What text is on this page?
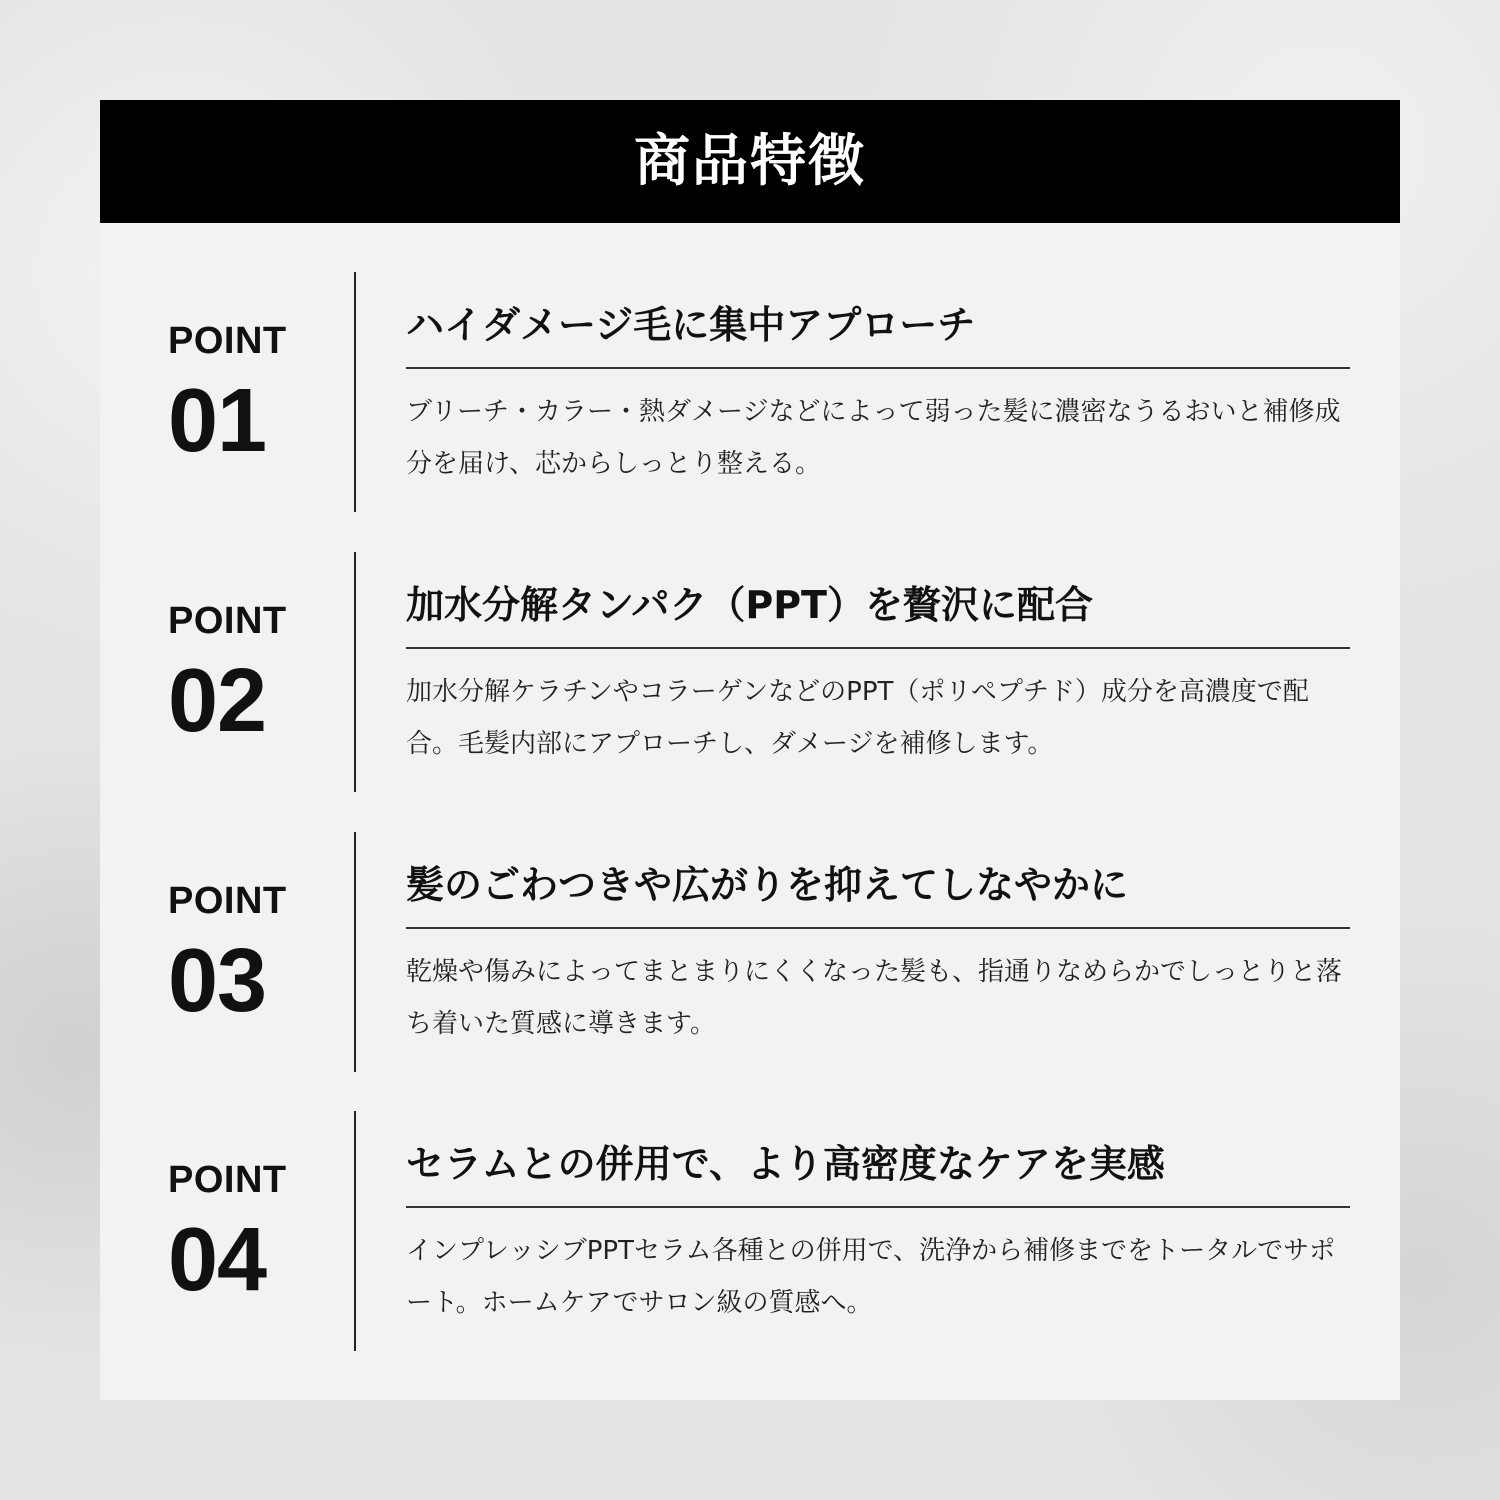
商品特徴
POINT
01
ハイダメージ毛に集中アプローチ
ブリーチ・カラー・熱ダメージなどによって弱った髪に濃密なうるおいと補修成分を届け、芯からしっとり整える。
POINT
02
加水分解タンパク（PPT）を贅沢に配合
加水分解ケラチンやコラーゲンなどのPPT（ポリペプチド）成分を高濃度で配合。毛髪内部にアプローチし、ダメージを補修します。
POINT
03
髪のごわつきや広がりを抑えてしなやかに
乾燥や傷みによってまとまりにくくなった髪も、指通りなめらかでしっとりと落ち着いた質感に導きます。
POINT
04
セラムとの併用で、より高密度なケアを実感
インプレッシブPPTセラム各種との併用で、洗浄から補修までをトータルでサポート。ホームケアでサロン級の質感へ。
